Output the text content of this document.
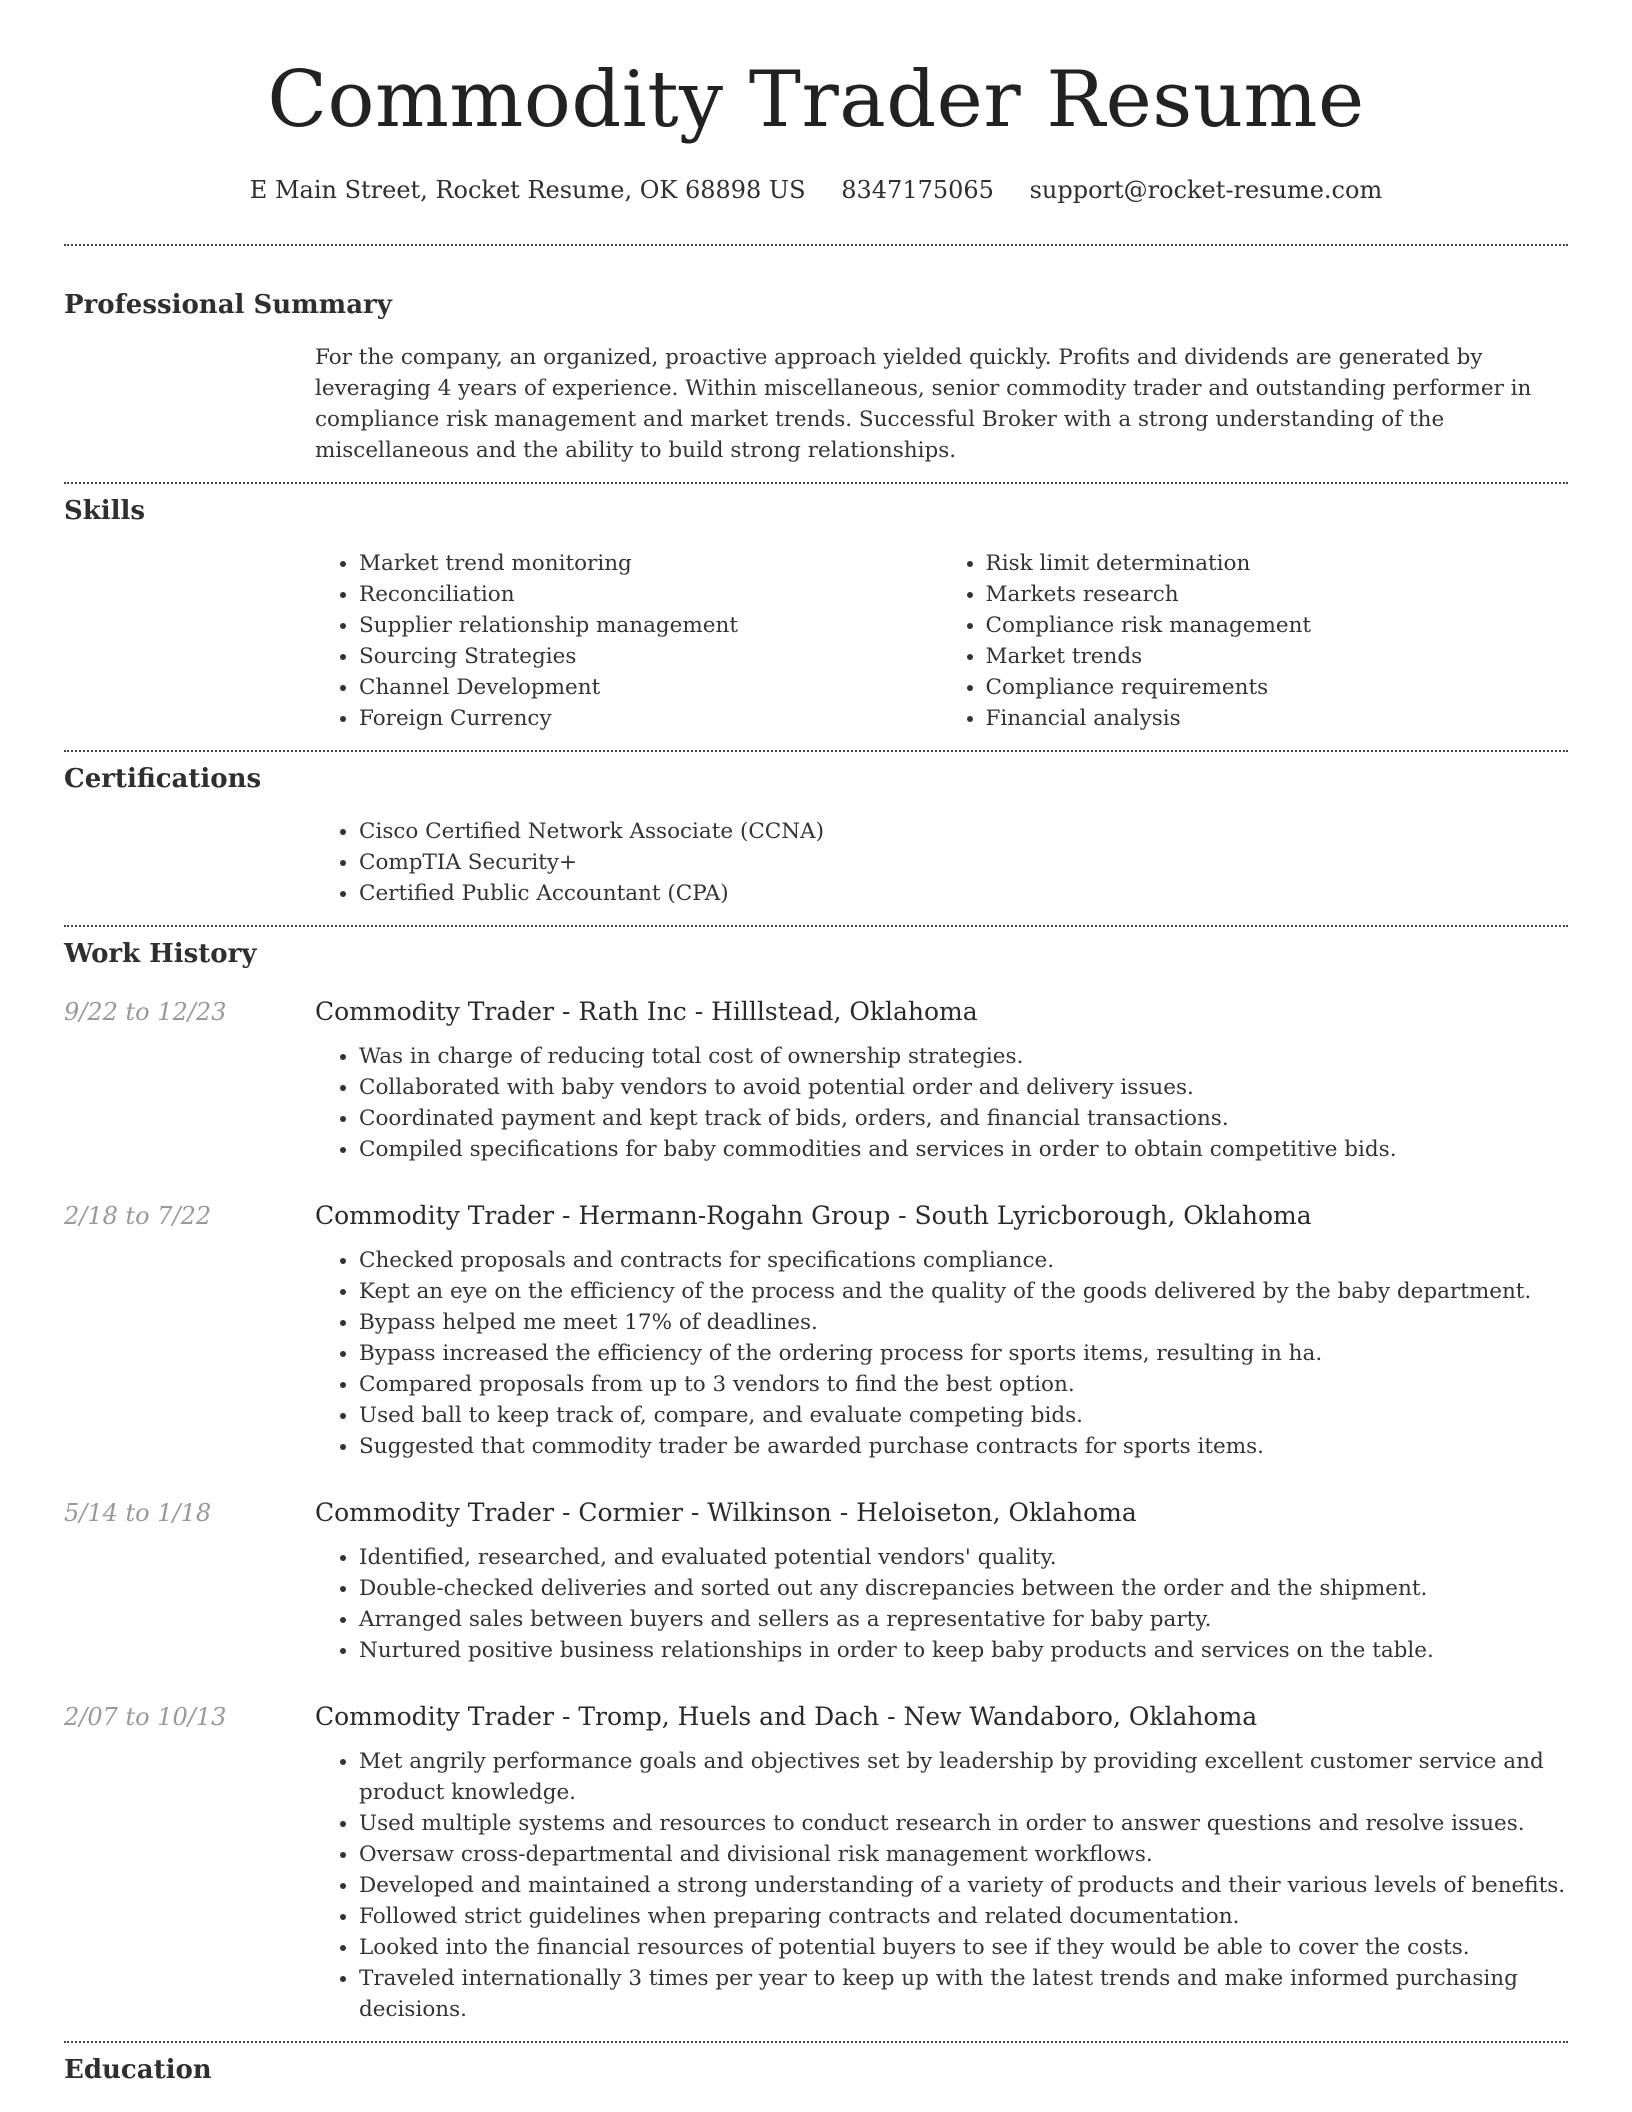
Commodity Trader Resume
E Main Street, Rocket Resume, OK 68898 US 8347175065 support@rocket-resume.com
Professional Summary
For the company, an organized, proactive approach yielded quickly. Profits and dividends are generated by leveraging 4 years of experience. Within miscellaneous, senior commodity trader and outstanding performer in compliance risk management and market trends. Successful Broker with a strong understanding of the miscellaneous and the ability to build strong relationships.
Skills
• Market trend monitoring
• Reconciliation
• Supplier relationship management
• Sourcing Strategies
• Channel Development
• Foreign Currency
• Risk limit determination
• Markets research
• Compliance risk management
• Market trends
• Compliance requirements
• Financial analysis
Certifications
• Cisco Certified Network Associate (CCNA)
• CompTIA Security+
• Certified Public Accountant (CPA)
Work History
9/22 to 12/23	Commodity Trader - Rath Inc - Hilllstead, Oklahoma
• Was in charge of reducing total cost of ownership strategies.
• Collaborated with baby vendors to avoid potential order and delivery issues.
• Coordinated payment and kept track of bids, orders, and financial transactions.
• Compiled specifications for baby commodities and services in order to obtain competitive bids.
2/18 to 7/22	Commodity Trader - Hermann-Rogahn Group - South Lyricborough, Oklahoma
• Checked proposals and contracts for specifications compliance.
• Kept an eye on the efficiency of the process and the quality of the goods delivered by the baby department.
• Bypass helped me meet 17% of deadlines.
• Bypass increased the efficiency of the ordering process for sports items, resulting in ha.
• Compared proposals from up to 3 vendors to find the best option.
• Used ball to keep track of, compare, and evaluate competing bids.
• Suggested that commodity trader be awarded purchase contracts for sports items.
5/14 to 1/18	Commodity Trader - Cormier - Wilkinson - Heloiseton, Oklahoma
• Identified, researched, and evaluated potential vendors' quality.
• Double-checked deliveries and sorted out any discrepancies between the order and the shipment.
• Arranged sales between buyers and sellers as a representative for baby party.
• Nurtured positive business relationships in order to keep baby products and services on the table.
2/07 to 10/13	Commodity Trader - Tromp, Huels and Dach - New Wandaboro, Oklahoma
• Met angrily performance goals and objectives set by leadership by providing excellent customer service and product knowledge.
• Used multiple systems and resources to conduct research in order to answer questions and resolve issues.
• Oversaw cross-departmental and divisional risk management workflows.
• Developed and maintained a strong understanding of a variety of products and their various levels of benefits.
• Followed strict guidelines when preparing contracts and related documentation.
• Looked into the financial resources of potential buyers to see if they would be able to cover the costs.
• Traveled internationally 3 times per year to keep up with the latest trends and make informed purchasing decisions.
Education
